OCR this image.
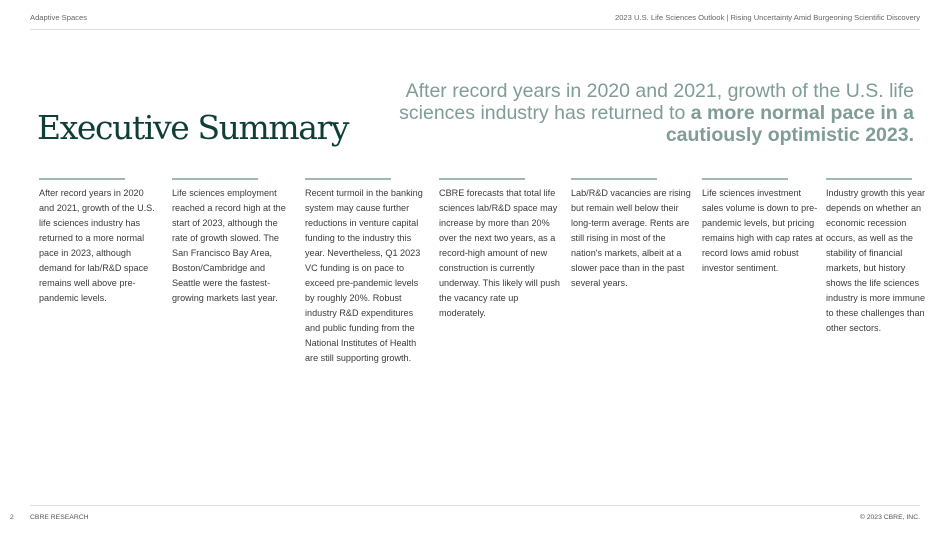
Adaptive Spaces	2023 U.S. Life Sciences Outlook | Rising Uncertainty Amid Burgeoning Scientific Discovery
Executive Summary
After record years in 2020 and 2021, growth of the U.S. life sciences industry has returned to a more normal pace in a cautiously optimistic 2023.
After record years in 2020 and 2021, growth of the U.S. life sciences industry has returned to a more normal pace in 2023, although demand for lab/R&D space remains well above pre-pandemic levels.
Life sciences employment reached a record high at the start of 2023, although the rate of growth slowed. The San Francisco Bay Area, Boston/Cambridge and Seattle were the fastest-growing markets last year.
Recent turmoil in the banking system may cause further reductions in venture capital funding to the industry this year. Nevertheless, Q1 2023 VC funding is on pace to exceed pre-pandemic levels by roughly 20%. Robust industry R&D expenditures and public funding from the National Institutes of Health are still supporting growth.
CBRE forecasts that total life sciences lab/R&D space may increase by more than 20% over the next two years, as a record-high amount of new construction is currently underway. This likely will push the vacancy rate up moderately.
Lab/R&D vacancies are rising but remain well below their long-term average. Rents are still rising in most of the nation's markets, albeit at a slower pace than in the past several years.
Life sciences investment sales volume is down to pre-pandemic levels, but pricing remains high with cap rates at record lows amid robust investor sentiment.
Industry growth this year depends on whether an economic recession occurs, as well as the stability of financial markets, but history shows the life sciences industry is more immune to these challenges than other sectors.
2 CBRE RESEARCH	© 2023 CBRE, INC.
